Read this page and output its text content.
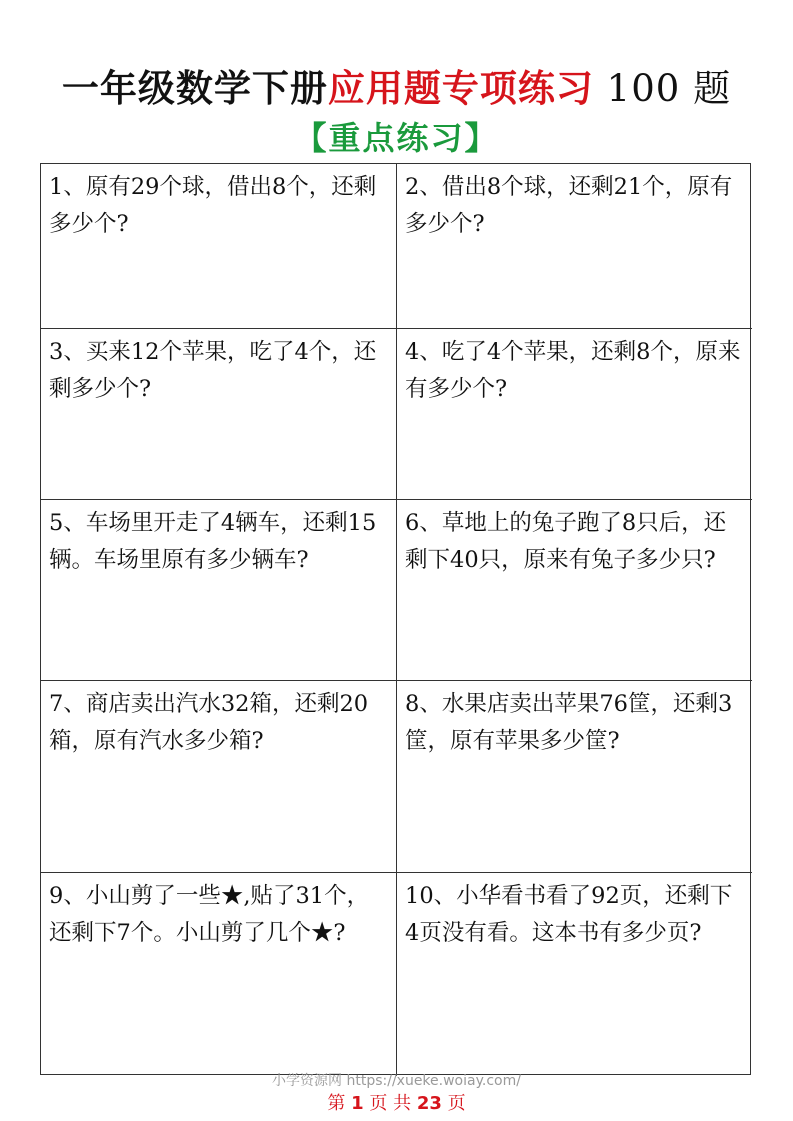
一年级数学下册应用题专项练习 100 题
【重点练习】
1、原有29个球，借出8个，还剩多少个?
2、借出8个球，还剩21个，原有多少个?
3、买来12个苹果，吃了4个，还剩多少个?
4、吃了4个苹果，还剩8个，原来有多少个?
5、车场里开走了4辆车，还剩15辆。车场里原有多少辆车?
6、草地上的兔子跑了8只后，还剩下40只，原来有兔子多少只?
7、商店卖出汽水32箱，还剩20箱，原有汽水多少箱?
8、水果店卖出苹果76筐，还剩3筐，原有苹果多少筐?
9、小山剪了一些★,贴了31个，还剩下7个。小山剪了几个★?
10、小华看书看了92页，还剩下4页没有看。这本书有多少页?
小学资源网 https://xueke.woiay.com/
第 1 页 共 23 页
